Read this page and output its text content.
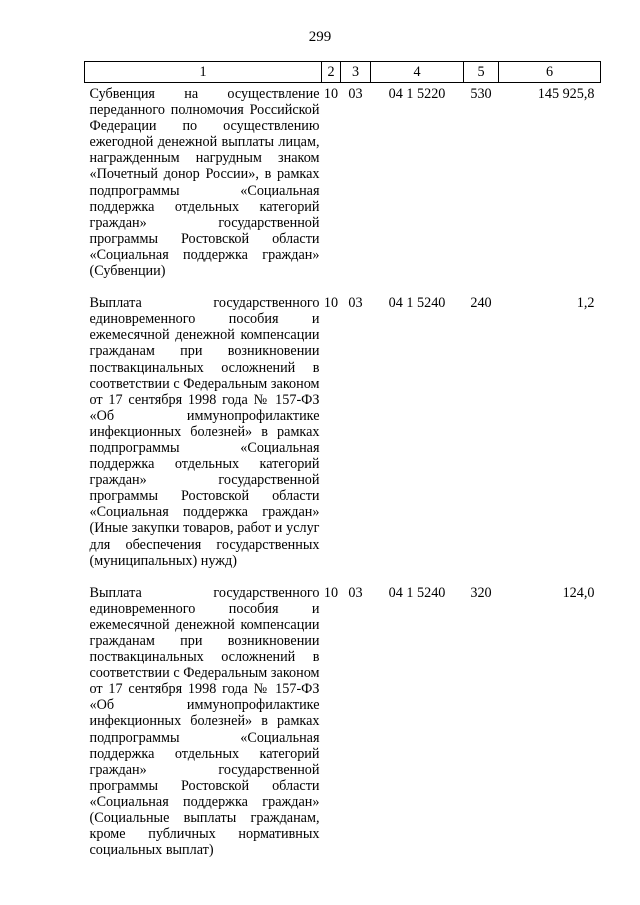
299
1	2	3	4	5	6
Субвенция на осуществление переданного полномочия Российской Федерации по осуществлению ежегодной денежной выплаты лицам, награжденным нагрудным знаком «Почетный донор России», в рамках подпрограммы «Социальная поддержка отдельных категорий граждан» государственной программы Ростовской области «Социальная поддержка граждан» (Субвенции)	10	03	04 1 5220	530	145 925,8
Выплата государственного единовременного пособия и ежемесячной денежной компенсации гражданам при возникновении поствакцинальных осложнений в соответствии с Федеральным законом от 17 сентября 1998 года № 157-ФЗ «Об иммунопрофилактике инфекционных болезней» в рамках подпрограммы «Социальная поддержка отдельных категорий граждан» государственной программы Ростовской области «Социальная поддержка граждан» (Иные закупки товаров, работ и услуг для обеспечения государственных (муниципальных) нужд)	10	03	04 1 5240	240	1,2
Выплата государственного единовременного пособия и ежемесячной денежной компенсации гражданам при возникновении поствакцинальных осложнений в соответствии с Федеральным законом от 17 сентября 1998 года № 157-ФЗ «Об иммунопрофилактике инфекционных болезней» в рамках подпрограммы «Социальная поддержка отдельных категорий граждан» государственной программы Ростовской области «Социальная поддержка граждан» (Социальные выплаты гражданам, кроме публичных нормативных социальных выплат)	10	03	04 1 5240	320	124,0
